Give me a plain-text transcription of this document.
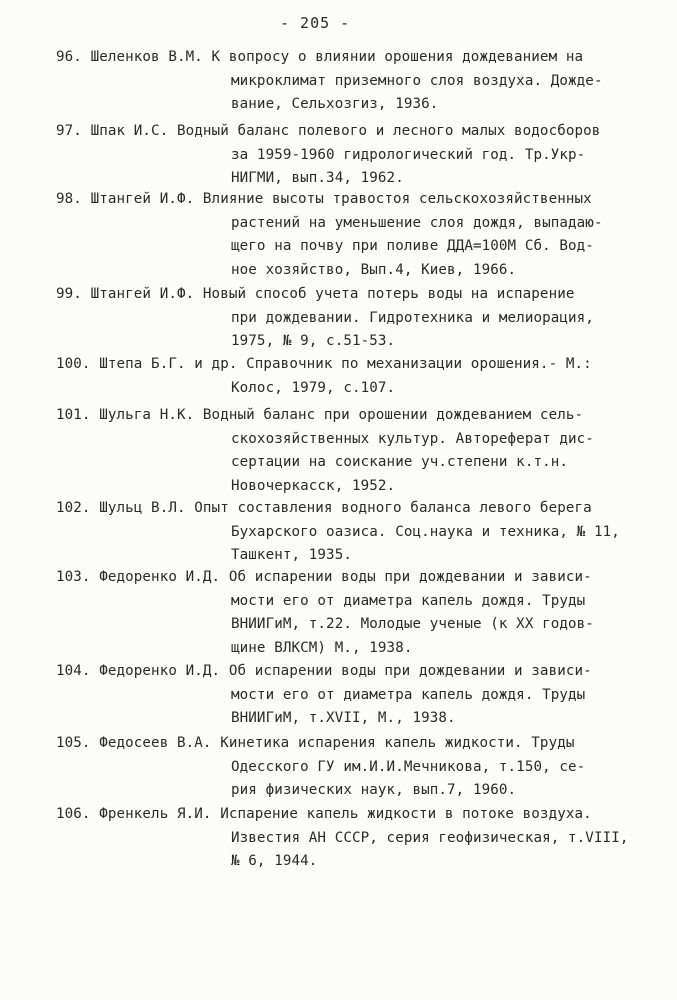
- 205 -
96. Шеленков В.М. К вопросу о влиянии орошения дождеванием на
микроклимат приземного слоя воздуха. Дожде-
вание, Сельхозгиз, 1936.
97. Шпак И.С. Водный баланс полевого и лесного малых водосборов
за 1959-1960 гидрологический год. Тр.Укр-
НИГМИ, вып.34, 1962.
98. Штангей И.Ф. Влияние высоты травостоя сельскохозяйственных
растений на уменьшение слоя дождя, выпадаю-
щего на почву при поливе ДДА=100М Сб. Вод-
ное хозяйство, Вып.4, Киев, 1966.
99. Штангей И.Ф. Новый способ учета потерь воды на испарение
при дождевании. Гидротехника и мелиорация,
1975, № 9, с.51-53.
100. Штепа Б.Г. и др. Справочник по механизации орошения.- М.:
Колос, 1979, с.107.
101. Шульга Н.К. Водный баланс при орошении дождеванием сель-
скохозяйственных культур. Автореферат дис-
сертации на соискание уч.степени к.т.н.
Новочеркасск, 1952.
102. Шульц В.Л. Опыт составления водного баланса левого берега
Бухарского оазиса. Соц.наука и техника, № 11,
Ташкент, 1935.
103. Федоренко И.Д. Об испарении воды при дождевании и зависи-
мости его от диаметра капель дождя. Труды
ВНИИГиМ, т.22. Молодые ученые (к XX годов-
щине ВЛКСМ) М., 1938.
104. Федоренко И.Д. Об испарении воды при дождевании и зависи-
мости его от диаметра капель дождя. Труды
ВНИИГиМ, т.XVII, М., 1938.
105. Федосеев В.А. Кинетика испарения капель жидкости. Труды
Одесского ГУ им.И.И.Мечникова, т.150, се-
рия физических наук, вып.7, 1960.
106. Френкель Я.И. Испарение капель жидкости в потоке воздуха.
Известия АН СССР, серия геофизическая, т.VIII,
№ 6, 1944.
